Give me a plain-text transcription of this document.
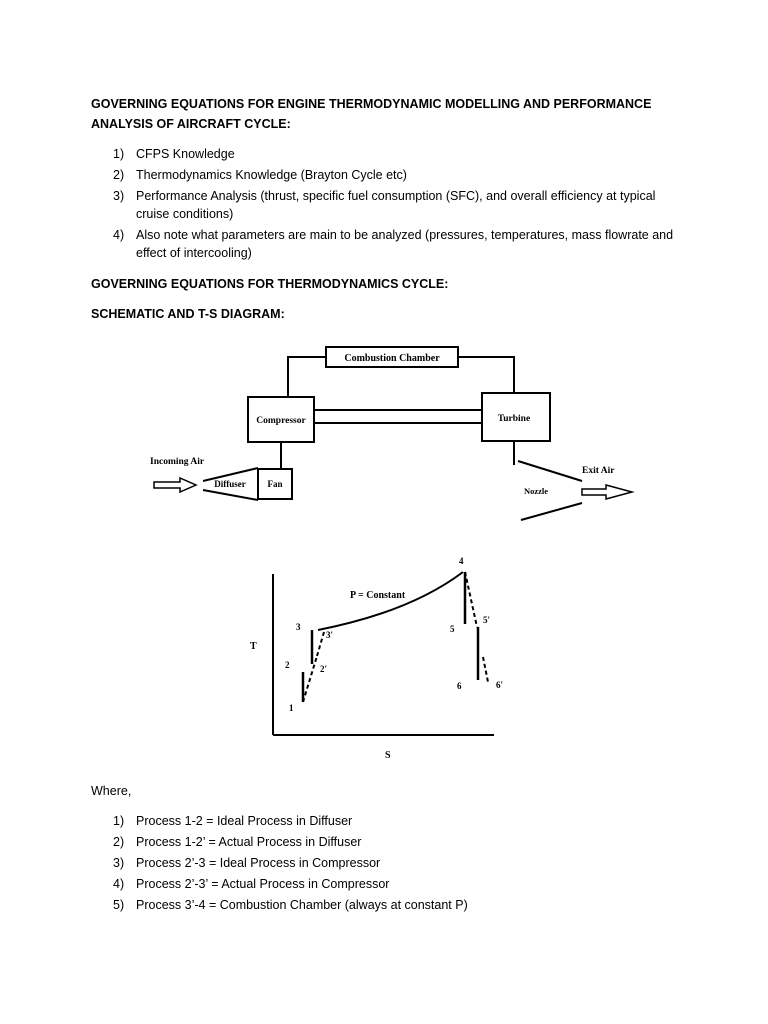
GOVERNING EQUATIONS FOR ENGINE THERMODYNAMIC MODELLING AND PERFORMANCE ANALYSIS OF AIRCRAFT CYCLE:
1) CFPS Knowledge
2) Thermodynamics Knowledge (Brayton Cycle etc)
3) Performance Analysis (thrust, specific fuel consumption (SFC), and overall efficiency at typical cruise conditions)
4) Also note what parameters are main to be analyzed (pressures, temperatures, mass flowrate and effect of intercooling)
GOVERNING EQUATIONS FOR THERMODYNAMICS CYCLE:
SCHEMATIC AND T-S DIAGRAM:
Combustion Chamber
Compressor	Turbine
Incoming Air
Diffuser Fan
Exit Air
Nozzle
T
S
P = Constant
1
2	2'
3
3'
4
5
5'
6	6'
Where,
1) Process 1-2 = Ideal Process in Diffuser
2) Process 1-2’ = Actual Process in Diffuser
3) Process 2’-3 = Ideal Process in Compressor
4) Process 2’-3’ = Actual Process in Compressor
5) Process 3’-4 = Combustion Chamber (always at constant P)
